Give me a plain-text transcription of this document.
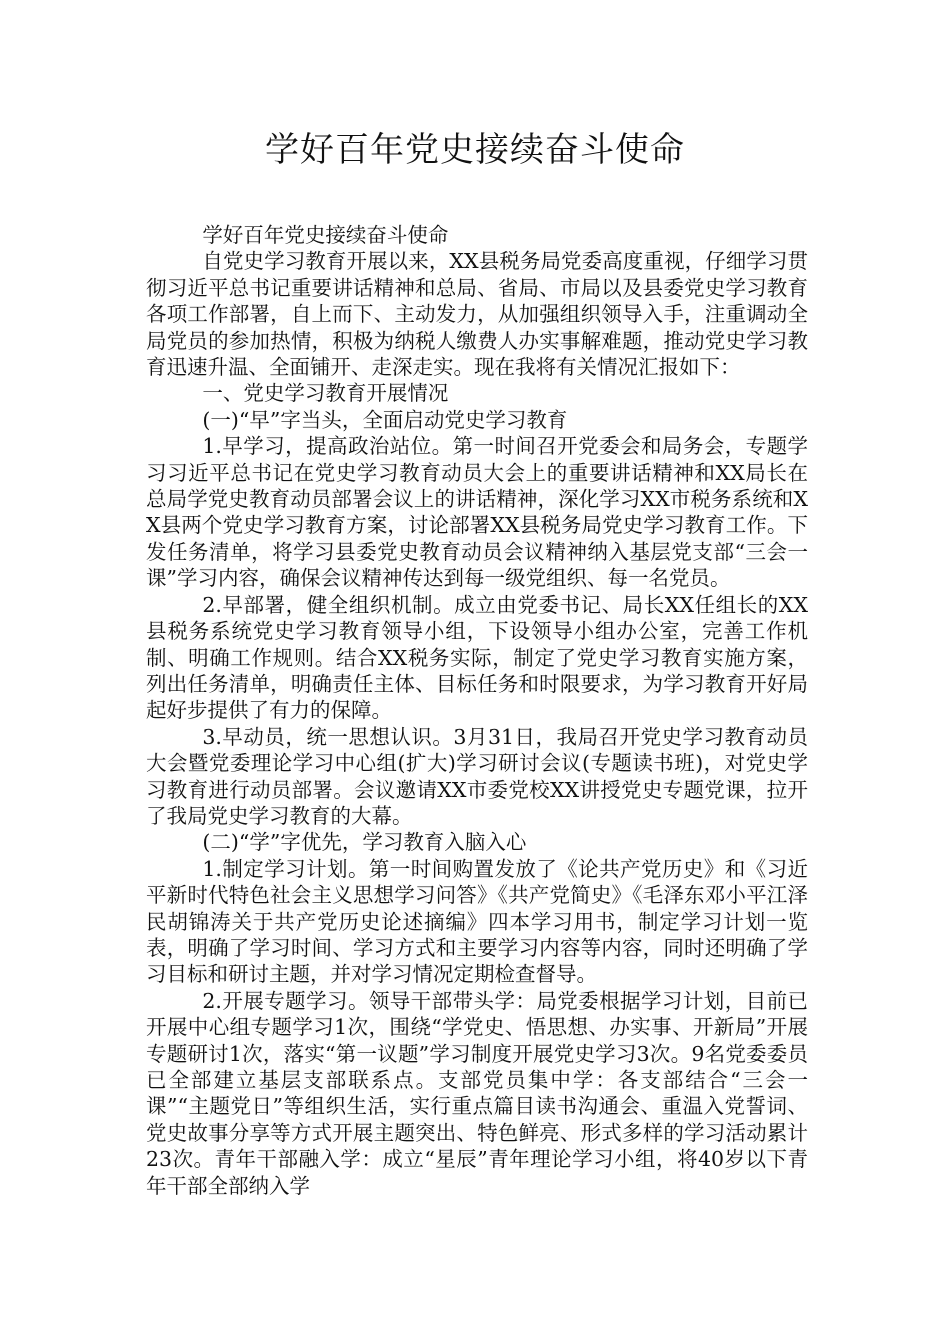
学好百年党史接续奋斗使命

学好百年党史接续奋斗使命

自党史学习教育开展以来，XX县税务局党委高度重视，仔细学习贯彻习近平总书记重要讲话精神和总局、省局、市局以及县委党史学习教育各项工作部署，自上而下、主动发力，从加强组织领导入手，注重调动全局党员的参加热情，积极为纳税人缴费人办实事解难题，推动党史学习教育迅速升温、全面铺开、走深走实。现在我将有关情况汇报如下：

一、党史学习教育开展情况

(一)“早”字当头，全面启动党史学习教育

1.早学习，提高政治站位。第一时间召开党委会和局务会，专题学习习近平总书记在党史学习教育动员大会上的重要讲话精神和XX局长在总局学党史教育动员部署会议上的讲话精神，深化学习XX市税务系统和XX县两个党史学习教育方案，讨论部署XX县税务局党史学习教育工作。下发任务清单，将学习县委党史教育动员会议精神纳入基层党支部“三会一课”学习内容，确保会议精神传达到每一级党组织、每一名党员。

2.早部署，健全组织机制。成立由党委书记、局长XX任组长的XX县税务系统党史学习教育领导小组，下设领导小组办公室，完善工作机制、明确工作规则。结合XX税务实际，制定了党史学习教育实施方案，列出任务清单，明确责任主体、目标任务和时限要求，为学习教育开好局起好步提供了有力的保障。

3.早动员，统一思想认识。3月31日，我局召开党史学习教育动员大会暨党委理论学习中心组(扩大)学习研讨会议(专题读书班)，对党史学习教育进行动员部署。会议邀请XX市委党校XX讲授党史专题党课，拉开了我局党史学习教育的大幕。

(二)“学”字优先，学习教育入脑入心

1.制定学习计划。第一时间购置发放了《论共产党历史》和《习近平新时代特色社会主义思想学习问答》《共产党简史》《毛泽东邓小平江泽民胡锦涛关于共产党历史论述摘编》四本学习用书，制定学习计划一览表，明确了学习时间、学习方式和主要学习内容等内容，同时还明确了学习目标和研讨主题，并对学习情况定期检查督导。

2.开展专题学习。领导干部带头学：局党委根据学习计划，目前已开展中心组专题学习1次，围绕“学党史、悟思想、办实事、开新局”开展专题研讨1次，落实“第一议题”学习制度开展党史学习3次。9名党委委员已全部建立基层支部联系点。支部党员集中学：各支部结合“三会一课”“主题党日”等组织生活，实行重点篇目读书沟通会、重温入党誓词、党史故事分享等方式开展主题突出、特色鲜亮、形式多样的学习活动累计23次。青年干部融入学：成立“星辰”青年理论学习小组，将40岁以下青年干部全部纳入学
